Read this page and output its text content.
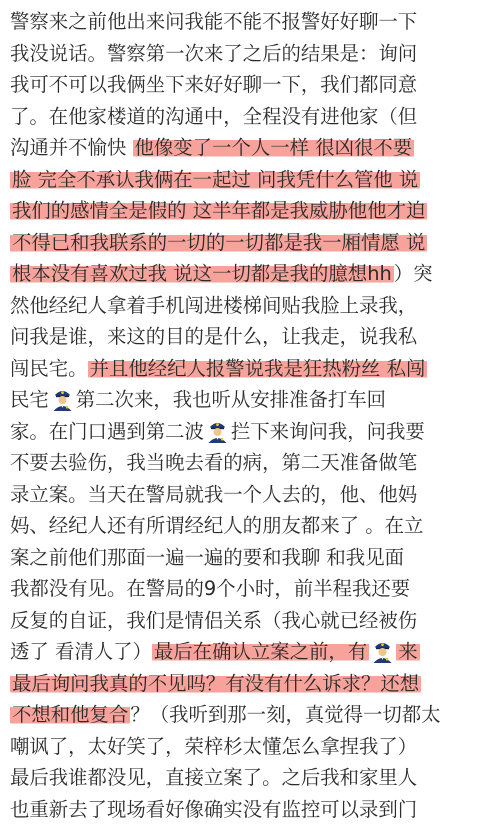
警察来之前他出来问我能不能不报警好好聊一下
我没说话。警察第一次来了之后的结果是：询问
我可不可以我俩坐下来好好聊一下，我们都同意
了。在他家楼道的沟通中，全程没有进他家（但
沟通并不愉快 他像变了一个人一样 很凶很不要
脸 完全不承认我俩在一起过 问我凭什么管他 说
我们的感情全是假的 这半年都是我威胁他他才迫
不得已和我联系的一切的一切都是我一厢情愿 说
根本没有喜欢过我 说这一切都是我的臆想hh ）突
然他经纪人拿着手机闯进楼梯间贴我脸上录我，
问我是谁，来这的目的是什么，让我走，说我私
闯民宅。 并且他经纪人报警说我是狂热粉丝 私闯
民宅 第二次来，我也听从安排准备打车回
家。在门口遇到第二波 拦下来询问我，问我要
不要去验伤，我当晚去看的病，第二天准备做笔
录立案。当天在警局就我一个人去的，他、他妈
妈、经纪人还有所谓经纪人的朋友都来了 。在立
案之前他们那面一遍一遍的要和我聊 和我见面
我都没有见。在警局的9个小时，前半程我还要
反复的自证，我们是情侣关系（我心就已经被伤
透了 看清人了） 最后在确认立案之前，有 来
最后询问我真的不见吗？有没有什么诉求？还想
不想和他复合 ？（我听到那一刻，真觉得一切都太
嘲讽了，太好笑了，荣梓杉太懂怎么拿捏我了）
最后我谁都没见，直接立案了。之后我和家里人
也重新去了现场看好像确实没有监控可以录到门
